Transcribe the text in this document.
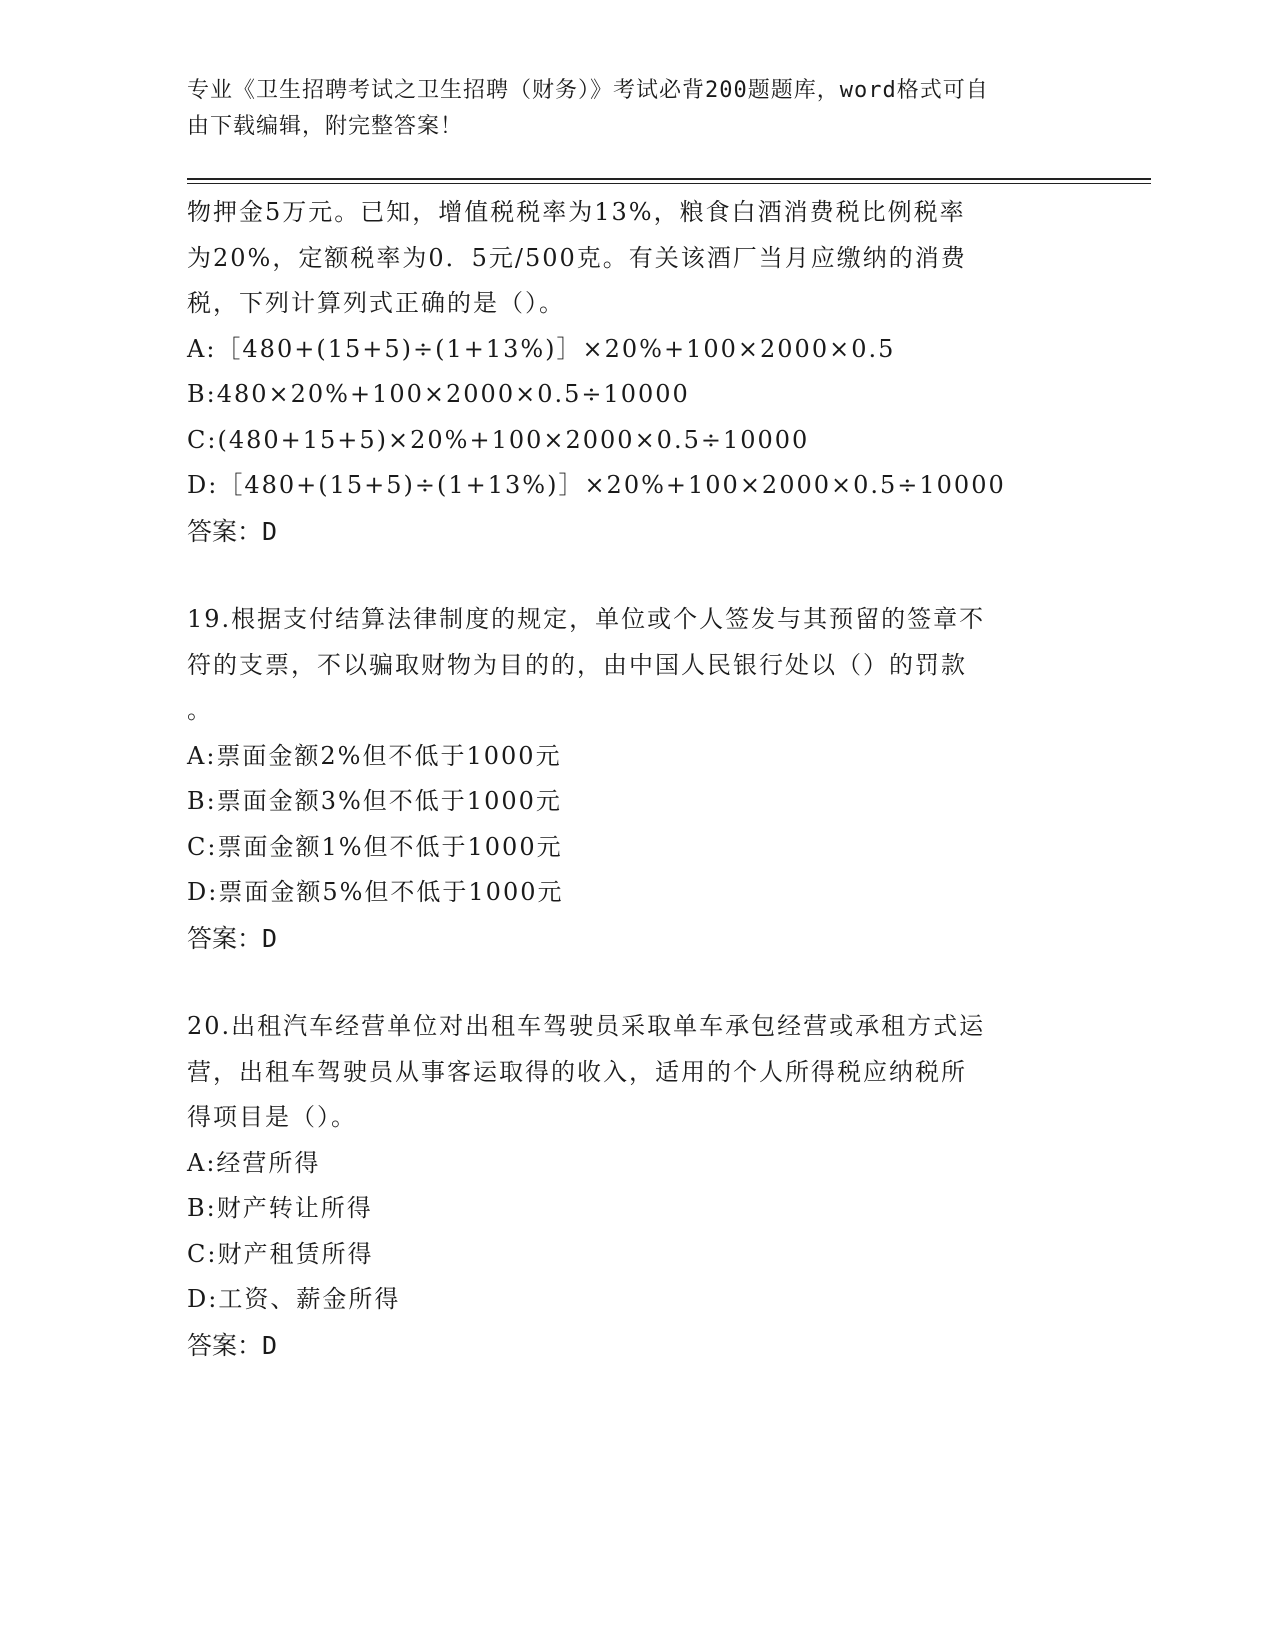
专业《卫生招聘考试之卫生招聘（财务）》考试必背200题题库，word格式可自
由下载编辑，附完整答案！
物押金5万元。已知，增值税税率为13%，粮食白酒消费税比例税率
为20%，定额税率为0．5元/500克。有关该酒厂当月应缴纳的消费
税，下列计算列式正确的是（）。
A:［480+(15+5)÷(1+13%)］×20%+100×2000×0.5
B:480×20%+100×2000×0.5÷10000
C:(480+15+5)×20%+100×2000×0.5÷10000
D:［480+(15+5)÷(1+13%)］×20%+100×2000×0.5÷10000
答案：D
19.根据支付结算法律制度的规定，单位或个人签发与其预留的签章不
符的支票，不以骗取财物为目的的，由中国人民银行处以（）的罚款
。
A:票面金额2%但不低于1000元
B:票面金额3%但不低于1000元
C:票面金额1%但不低于1000元
D:票面金额5%但不低于1000元
答案：D
20.出租汽车经营单位对出租车驾驶员采取单车承包经营或承租方式运
营，出租车驾驶员从事客运取得的收入，适用的个人所得税应纳税所
得项目是（）。
A:经营所得
B:财产转让所得
C:财产租赁所得
D:工资、薪金所得
答案：D
